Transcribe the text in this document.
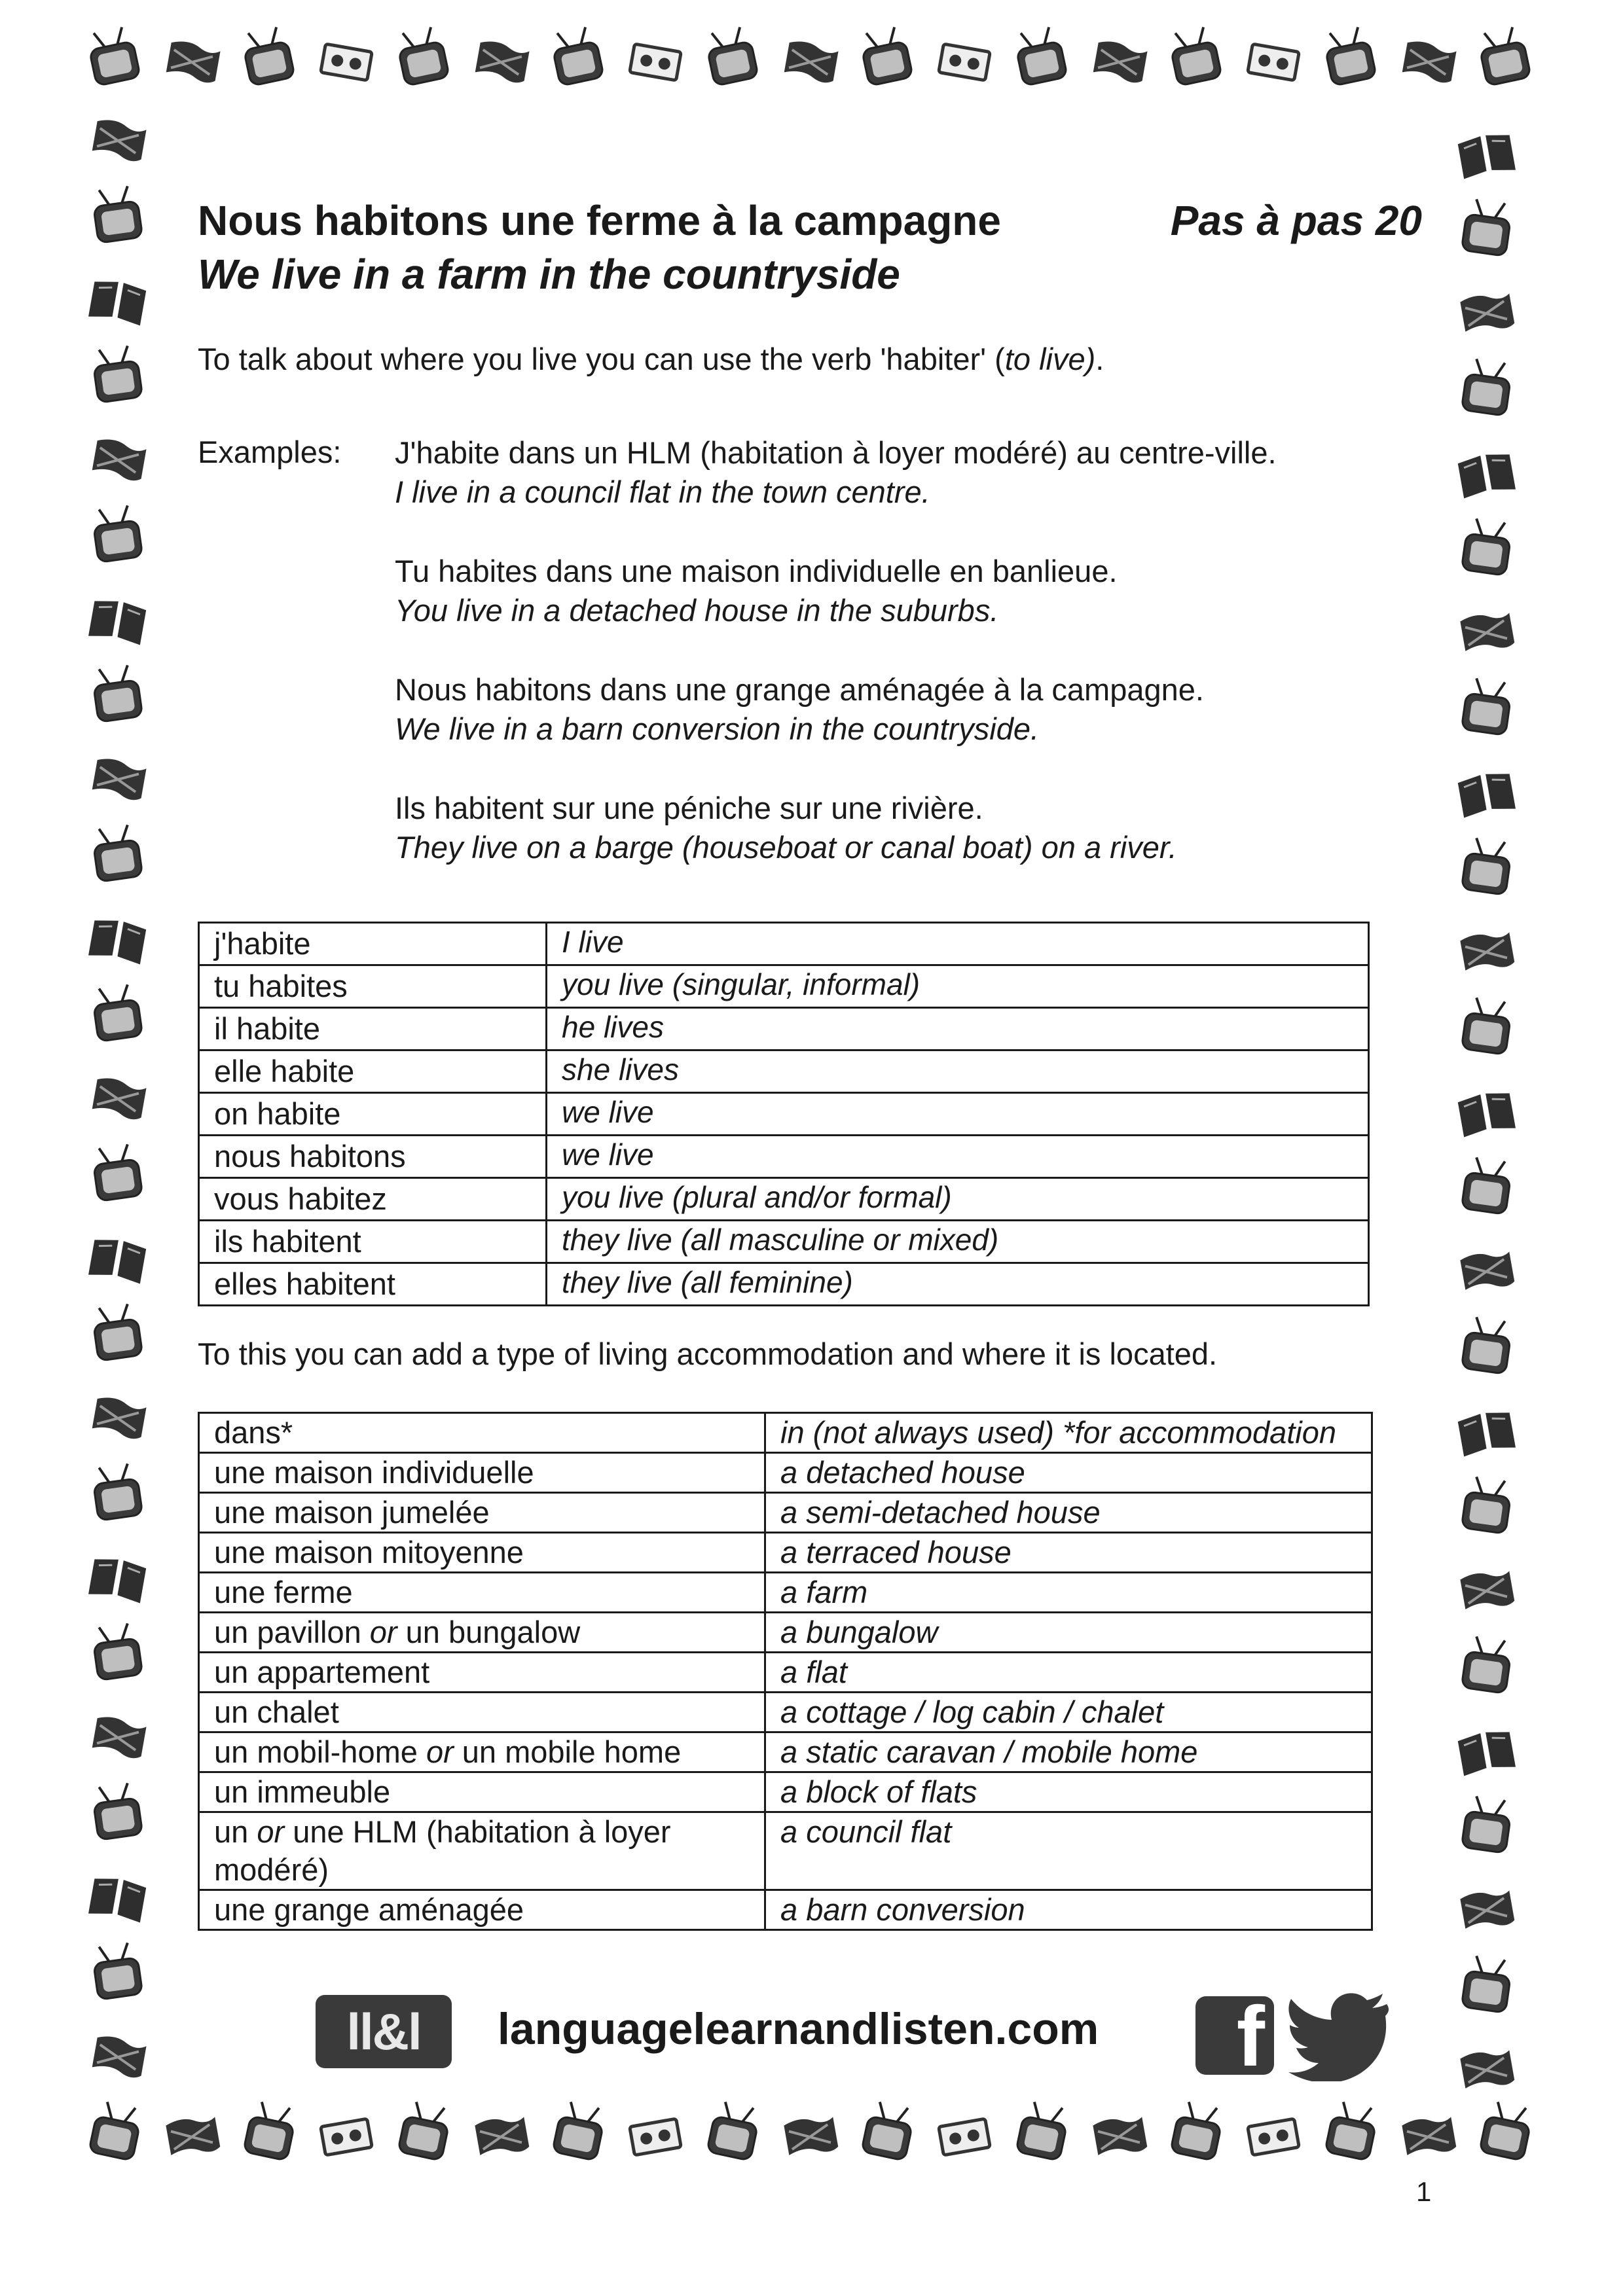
Nous habitons une ferme à la campagne	Pas à pas 20
We live in a farm in the countryside
To talk about where you live you can use the verb 'habiter' (to live).
Examples: J'habite dans un HLM (habitation à loyer modéré) au centre-ville.
I live in a council flat in the town centre.
Tu habites dans une maison individuelle en banlieue.
You live in a detached house in the suburbs.
Nous habitons dans une grange aménagée à la campagne.
We live in a barn conversion in the countryside.
Ils habitent sur une péniche sur une rivière.
They live on a barge (houseboat or canal boat) on a river.
j'habite	I live
tu habites	you live (singular, informal)
il habite	he lives
elle habite	she lives
on habite	we live
nous habitons	we live
vous habitez	you live (plural and/or formal)
ils habitent	they live (all masculine or mixed)
elles habitent	they live (all feminine)
To this you can add a type of living accommodation and where it is located.
dans*	in (not always used) *for accommodation
une maison individuelle	a detached house
une maison jumelée	a semi-detached house
une maison mitoyenne	a terraced house
une ferme	a farm
un pavillon or un bungalow	a bungalow
un appartement	a flat
un chalet	a cottage / log cabin / chalet
un mobil-home or un mobile home	a static caravan / mobile home
un immeuble	a block of flats
un or une HLM (habitation à loyer modéré)	a council flat
une grange aménagée	a barn conversion
ll&l	languagelearnandlisten.com f
1
